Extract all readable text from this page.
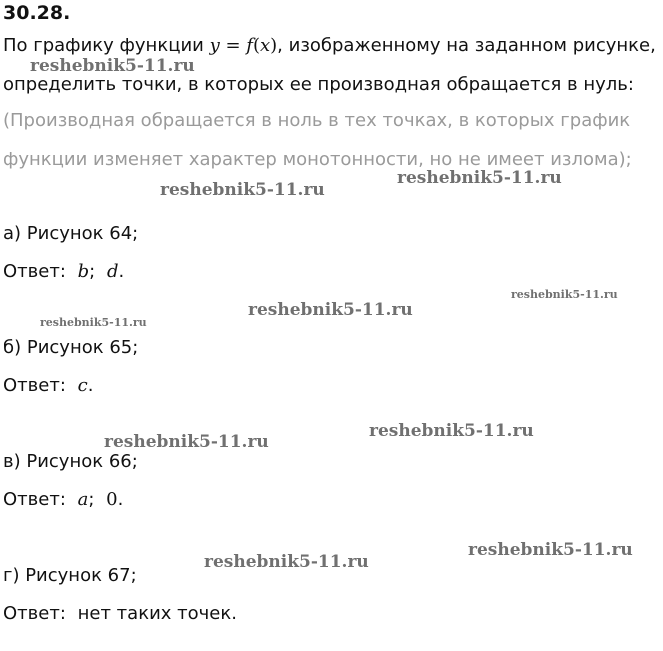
30.28.
По графику функции y = f(x), изображенному на заданном рисунке,
определить точки, в которых ее производная обращается в нуль:
(Производная обращается в ноль в тех точках, в которых график
функции изменяет характер монотонности, но не имеет излома);
а) Рисунок 64;
Ответ: b; d.
б) Рисунок 65;
Ответ: c.
в) Рисунок 66;
Ответ: a; 0.
г) Рисунок 67;
Ответ: нет таких точек.
reshebnik5-11.ru
reshebnik5-11.ru
reshebnik5-11.ru
reshebnik5-11.ru
reshebnik5-11.ru
reshebnik5-11.ru
reshebnik5-11.ru
reshebnik5-11.ru
reshebnik5-11.ru
reshebnik5-11.ru
